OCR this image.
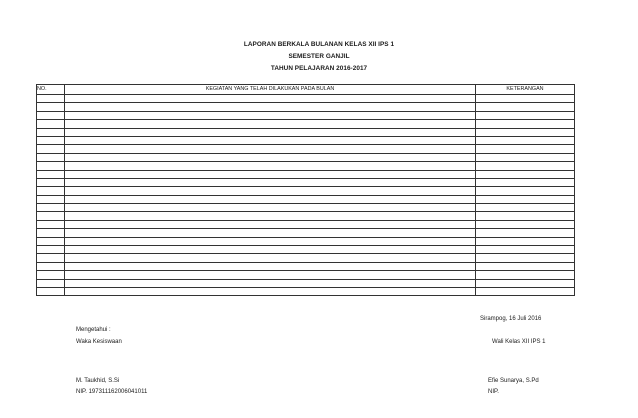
LAPORAN BERKALA BULANAN KELAS XII IPS 1
SEMESTER GANJIL
TAHUN PELAJARAN 2016-2017
NO.	KEGIATAN YANG TELAH DILAKUKAN PADA BULAN	KETERANGAN

Sirampog, 16 Juli 2016
Mengetahui :
Waka Kesiswaan	Wali Kelas XII IPS 1
M. Taukhid, S.Si
NIP. 197311162006041011
Efie Sunarya, S.Pd
NIP.
